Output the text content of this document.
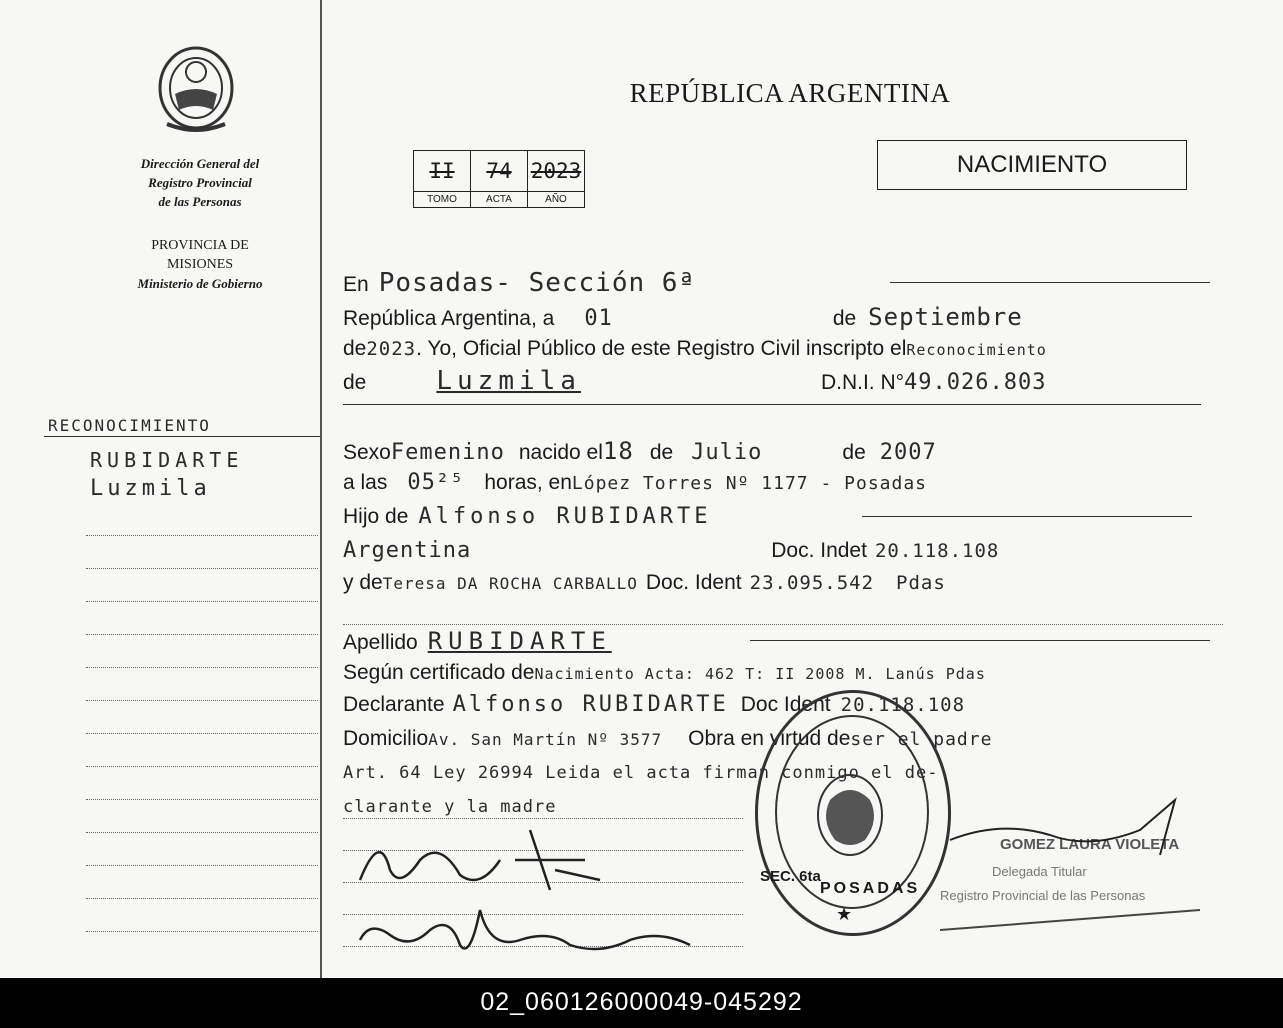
Dirección General del
Registro Provincial
de las Personas
PROVINCIA DE
MISIONES
Ministerio de Gobierno
RECONOCIMIENTO
RUBIDARTE
Luzmila
REPÚBLICA ARGENTINA
NACIMIENTO
II	74	2023
TOMO	ACTA	AÑO
En Posadas- Sección 6ª
República Argentina, a 01	de Septiembre
de2023. Yo, Oficial Público de este Registro Civil inscripto elReconocimiento
de	Luzmila	D.N.I. N°49.026.803
SexoFemenino nacido el18 de Julio	de 2007
a las 05²⁵ horas, enLópez Torres Nº 1177 - Posadas
Hijo de Alfonso RUBIDARTE
Argentina	Doc. Indet 20.118.108
y deTeresa DA ROCHA CARBALLO Doc. Ident 23.095.542 Pdas
Apellido RUBIDARTE
Según certificado deNacimiento Acta: 462 T: II 2008 M. Lanús Pdas
Declarante Alfonso RUBIDARTE Doc Ident 20.118.108
DomicilioAv. San Martín Nº 3577 Obra en virtud deser el padre
Art. 64 Ley 26994 Leida el acta firman conmigo el de-
clarante y la madre
SEC. 6ta
POSADAS
★
GOMEZ LAURA VIOLETA
Delegada Titular
Registro Provincial de las Personas
02_060126000049-045292
